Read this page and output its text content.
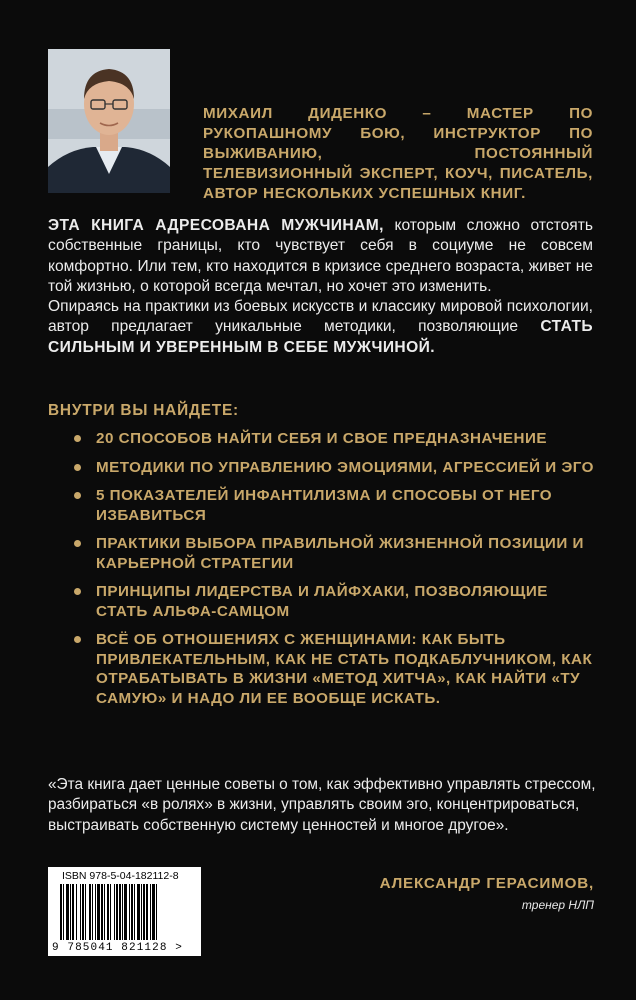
МИХАИЛ ДИДЕНКО – МАСТЕР ПО РУКОПАШНОМУ БОЮ, ИНСТРУКТОР ПО ВЫЖИВАНИЮ, ПОСТОЯННЫЙ ТЕЛЕВИЗИОННЫЙ ЭКСПЕРТ, КОУЧ, ПИСАТЕЛЬ, АВТОР НЕСКОЛЬКИХ УСПЕШНЫХ КНИГ.

ЭТА КНИГА АДРЕСОВАНА МУЖЧИНАМ, которым сложно отстоять собственные границы, кто чувствует себя в социуме не совсем комфортно. Или тем, кто находится в кризисе среднего возраста, живет не той жизнью, о которой всегда мечтал, но хочет это изменить.

Опираясь на практики из боевых искусств и классику мировой психологии, автор предлагает уникальные методики, позволяющие СТАТЬ СИЛЬНЫМ И УВЕРЕННЫМ В СЕБЕ МУЖЧИНОЙ.

ВНУТРИ ВЫ НАЙДЕТЕ:
20 СПОСОБОВ НАЙТИ СЕБЯ И СВОЕ ПРЕДНАЗНАЧЕНИЕ
МЕТОДИКИ ПО УПРАВЛЕНИЮ ЭМОЦИЯМИ, АГРЕССИЕЙ И ЭГО
5 ПОКАЗАТЕЛЕЙ ИНФАНТИЛИЗМА И СПОСОБЫ ОТ НЕГО ИЗБАВИТЬСЯ
ПРАКТИКИ ВЫБОРА ПРАВИЛЬНОЙ ЖИЗНЕННОЙ ПОЗИЦИИ И КАРЬЕРНОЙ СТРАТЕГИИ
ПРИНЦИПЫ ЛИДЕРСТВА И ЛАЙФХАКИ, ПОЗВОЛЯЮЩИЕ СТАТЬ АЛЬФА-САМЦОМ
ВСЁ ОБ ОТНОШЕНИЯХ С ЖЕНЩИНАМИ: КАК БЫТЬ ПРИВЛЕКАТЕЛЬНЫМ, КАК НЕ СТАТЬ ПОДКАБЛУЧНИКОМ, КАК ОТРАБАТЫВАТЬ В ЖИЗНИ «МЕТОД ХИТЧА», КАК НАЙТИ «ТУ САМУЮ» И НАДО ЛИ ЕЕ ВООБЩЕ ИСКАТЬ.
«Эта книга дает ценные советы о том, как эффективно управлять стрессом, разбираться «в ролях» в жизни, управлять своим эго, концентрироваться, выстраивать собственную систему ценностей и многое другое».
ISBN 978-5-04-182112-8
9 785041 821128 >
АЛЕКСАНДР ГЕРАСИМОВ,
тренер НЛП
